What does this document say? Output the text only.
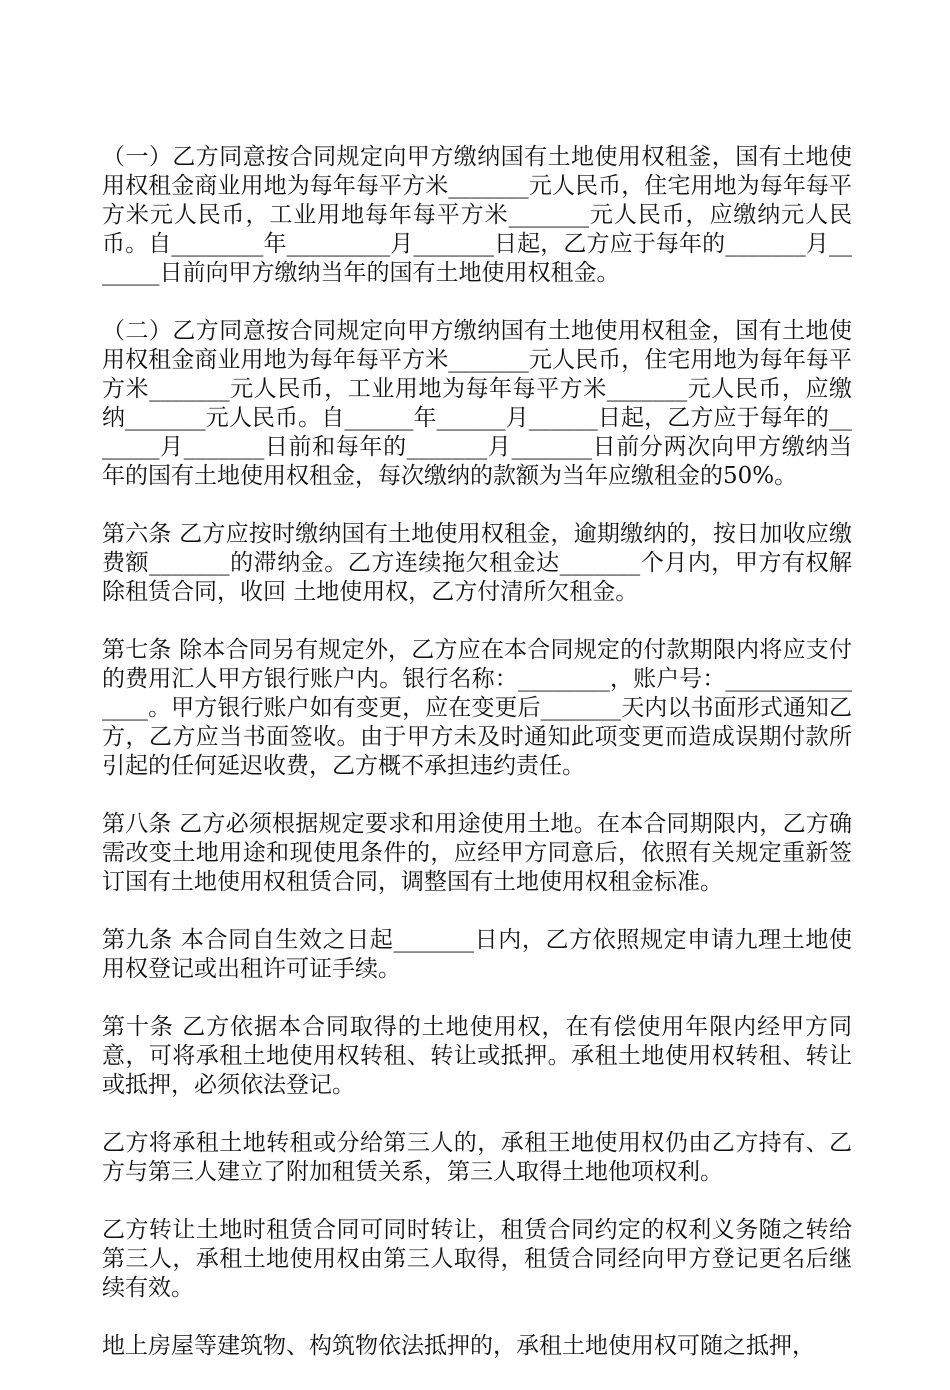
（一）乙方同意按合同规定向甲方缴纳国有土地使用权租釜，国有土地使用权租金商业用地为每年每平方米_______元人民币，住宅用地为每年每平方米元人民币，工业用地每年每平方米_______元人民币，应缴纳元人民币。自________年_________月_______日起，乙方应于每年的_______月_______日前向甲方缴纳当年的国有土地使用权租金。

（二）乙方同意按合同规定向甲方缴纳国有土地使用权租金，国有土地使用权租金商业用地为每年每平方米_______元人民币，住宅用地为每年每平方米_______元人民币，工业用地为每年每平方米_______元人民币，应缴纳_______元人民币。自______年______月______日起，乙方应于每年的_______月_______日前和每年的_______月_______日前分两次向甲方缴纳当年的国有土地使用权租金，每次缴纳的款额为当年应缴租金的50%。

第六条 乙方应按时缴纳国有土地使用权租金，逾期缴纳的，按日加收应缴费额_______的滞纳金。乙方连续拖欠租金达_______个月内，甲方有权解除租赁合同，收回 土地使用权，乙方付清所欠租金。

第七条 除本合同另有规定外，乙方应在本合同规定的付款期限内将应支付的费用汇人甲方银行账户内。银行名称：________，账户号：_______________。甲方银行账户如有变更，应在变更后_______天内以书面形式通知乙方，乙方应当书面签收。由于甲方未及时通知此项变更而造成误期付款所引起的任何延迟收费，乙方概不承担违约责任。

第八条 乙方必须根据规定要求和用途使用土地。在本合同期限内，乙方确需改变土地用途和现使甩条件的，应经甲方同意后，依照有关规定重新签订国有土地使用权租赁合同，调整国有土地使用权租金标准。

第九条 本合同自生效之日起_______日内，乙方依照规定申请九理土地使用权登记或出租许可证手续。

第十条 乙方依据本合同取得的土地使用权，在有偿使用年限内经甲方同意，可将承租土地使用权转租、转让或抵押。承租土地使用权转租、转让或抵押，必须依法登记。

乙方将承租土地转租或分给第三人的，承租王地使用权仍由乙方持有、乙方与第三人建立了附加租赁关系，第三人取得土地他项权利。

乙方转让土地时租赁合同可同时转让，租赁合同约定的权利义务随之转给第三人，承租土地使用权由第三人取得，租赁合同经向甲方登记更名后继续有效。

地上房屋等建筑物、构筑物依法抵押的，承租土地使用权可随之抵押，
